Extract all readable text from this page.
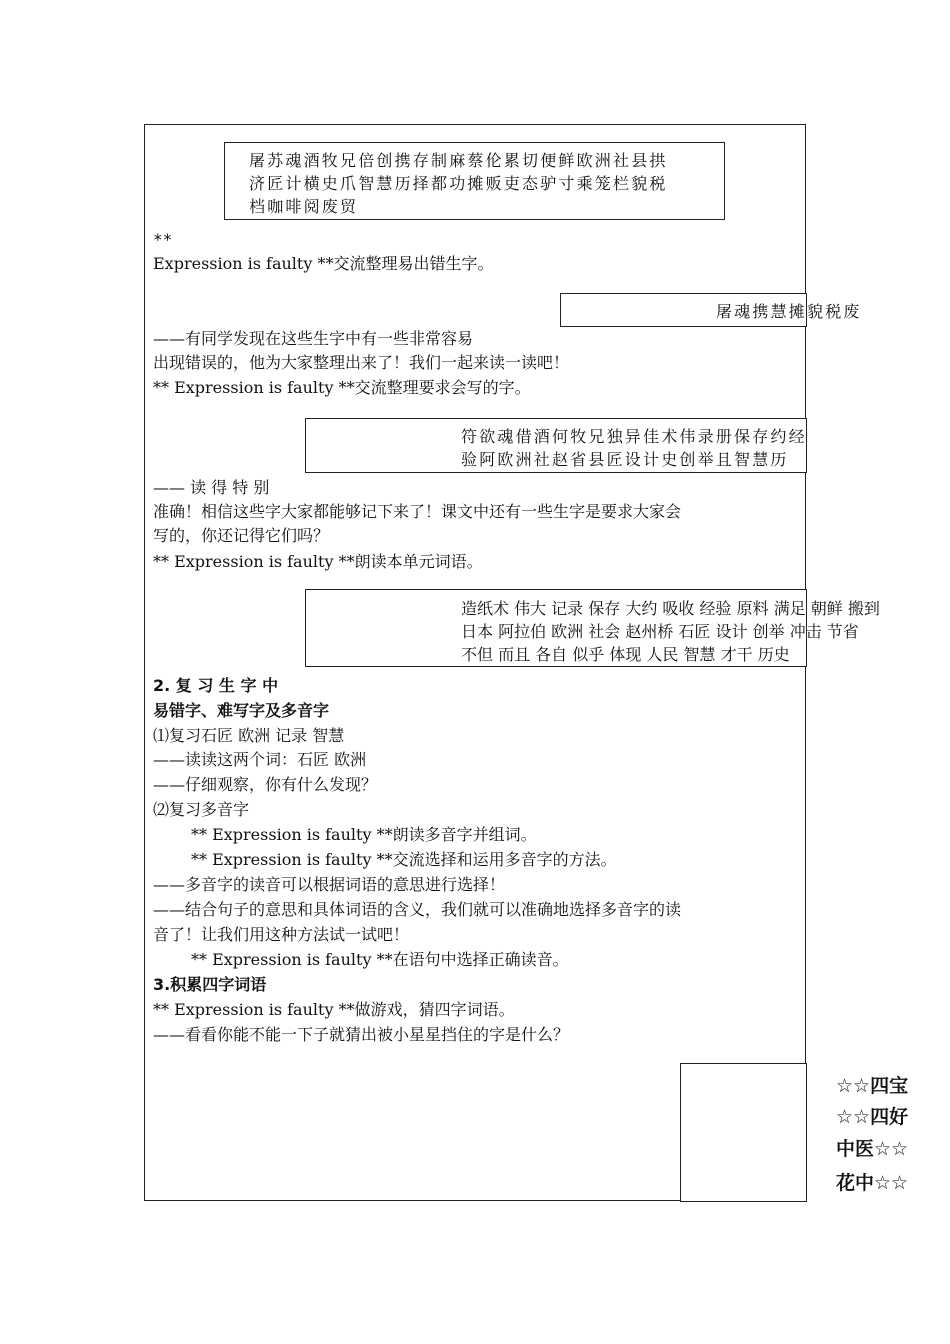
屠苏魂酒牧兄倍创携存制麻蔡伦累切便鲜欧洲社县拱
济匠计横史爪智慧历择都功摊贩吏态驴寸乘笼栏貌税
档咖啡阅废贸
**
Expression is faulty **交流整理易出错生字。
屠魂携慧摊貌税废
——有同学发现在这些生字中有一些非常容易
出现错误的，他为大家整理出来了！我们一起来读一读吧！
** Expression is faulty **交流整理要求会写的字。
符欲魂借酒何牧兄独异佳术伟录册保存约经
验阿欧洲社赵省县匠设计史创举且智慧历
—— 读 得 特 别
准确！相信这些字大家都能够记下来了！课文中还有一些生字是要求大家会
写的，你还记得它们吗？
** Expression is faulty **朗读本单元词语。
造纸术 伟大 记录 保存 大约 吸收 经验 原料 满足 朝鲜 搬到
日本 阿拉伯 欧洲 社会 赵州桥 石匠 设计 创举 冲击 节省
不但 而且 各自 似乎 体现 人民 智慧 才干 历史
2. 复 习 生 字 中
易错字、难写字及多音字
⑴复习石匠 欧洲 记录 智慧
——读读这两个词：石匠 欧洲
——仔细观察，你有什么发现？
⑵复习多音字
** Expression is faulty **朗读多音字并组词。
** Expression is faulty **交流选择和运用多音字的方法。
——多音字的读音可以根据词语的意思进行选择！
——结合句子的意思和具体词语的含义，我们就可以准确地选择多音字的读
音了！让我们用这种方法试一试吧！
** Expression is faulty **在语句中选择正确读音。
3.积累四字词语
** Expression is faulty **做游戏，猜四字词语。
——看看你能不能一下子就猜出被小星星挡住的字是什么？
☆☆四宝
☆☆四好
中医☆☆
花中☆☆
